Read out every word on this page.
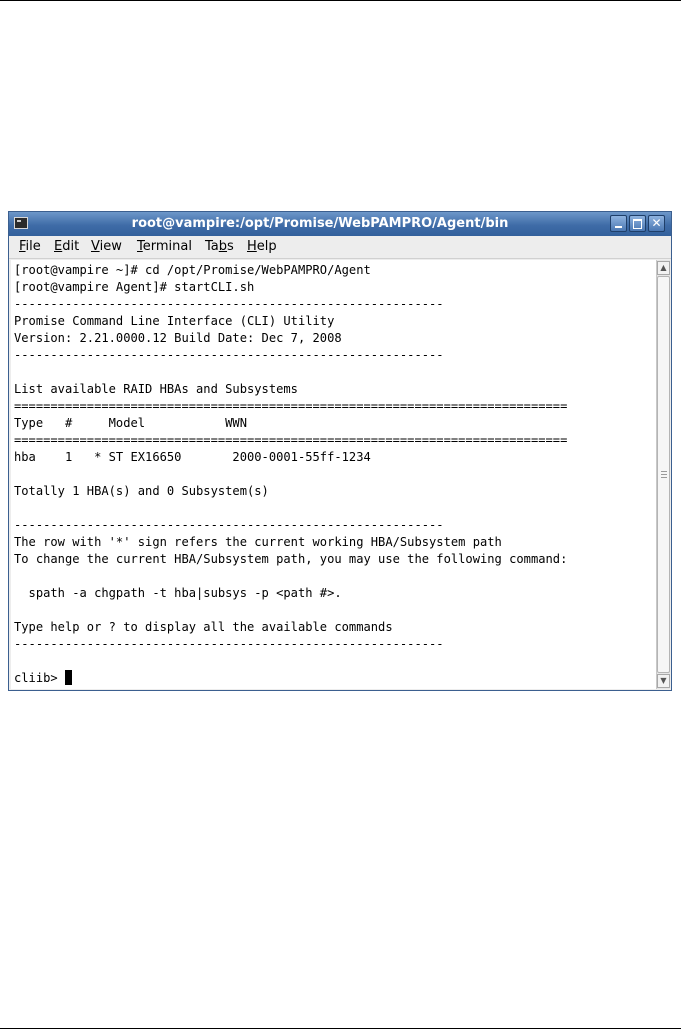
root@vampire:/opt/Promise/WebPAMPRO/Agent/bin	✕
File Edit View Terminal Tabs Help
[root@vampire ~]# cd /opt/Promise/WebPAMPRO/Agent
[root@vampire Agent]# startCLI.sh
-----------------------------------------------------------
Promise Command Line Interface (CLI) Utility
Version: 2.21.0000.12 Build Date: Dec 7, 2008
-----------------------------------------------------------
List available RAID HBAs and Subsystems
============================================================================
Type   #     Model           WWN
============================================================================
hba    1   * ST EX16650       2000-0001-55ff-1234
Totally 1 HBA(s) and 0 Subsystem(s)
-----------------------------------------------------------
The row with '*' sign refers the current working HBA/Subsystem path
To change the current HBA/Subsystem path, you may use the following command:
spath -a chgpath -t hba|subsys -p <path #>.
Type help or ? to display all the available commands
-----------------------------------------------------------
cliib>
▲
▼
